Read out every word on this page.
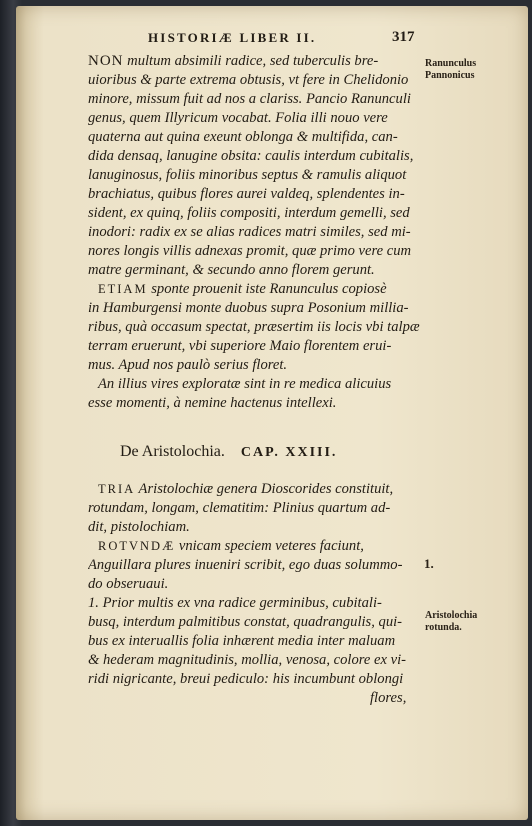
HISTORIÆ LIBER II.	317
NON multum absimili radice, sed tuberculis bre-
uioribus & parte extrema obtusis, vt fere in Chelidonio
minore, missum fuit ad nos a clariss. Pancio Ranunculi
genus, quem Illyricum vocabat. Folia illi nouo vere
quaterna aut quina exeunt oblonga & multifida, can-
dida densaq, lanugine obsita: caulis interdum cubitalis,
lanuginosus, foliis minoribus septus & ramulis aliquot
brachiatus, quibus flores aurei valdeq, splendentes in-
sident, ex quinq, foliis compositi, interdum gemelli, sed
inodori: radix ex se alias radices matri similes, sed mi-
nores longis villis adnexas promit, quæ primo vere cum
matre germinant, & secundo anno florem gerunt.
ETIAM sponte prouenit iste Ranunculus copiosè
in Hamburgensi monte duobus supra Posonium millia-
ribus, quà occasum spectat, præsertim iis locis vbi talpæ
terram eruerunt, vbi superiore Maio florentem erui-
mus. Apud nos paulò serius floret.
An illius vires exploratæ sint in re medica alicuius
esse momenti, à nemine hactenus intellexi.
Ranunculus
Pannonicus
De Aristolochia. CAP. XXIII.
TRIA Aristolochiæ genera Dioscorides constituit,
rotundam, longam, clematitim: Plinius quartum ad-
dit, pistolochiam.
ROTVNDÆ vnicam speciem veteres faciunt,
Anguillara plures inueniri scribit, ego duas solummo-
do obseruaui.
1. Prior multis ex vna radice germinibus, cubitali-
busq, interdum palmitibus constat, quadrangulis, qui-
bus ex interuallis folia inhærent media inter maluam
& hederam magnitudinis, mollia, venosa, colore ex vi-
ridi nigricante, breui pediculo: his incumbunt oblongi
flores,
1.
Aristolochia
rotunda.
